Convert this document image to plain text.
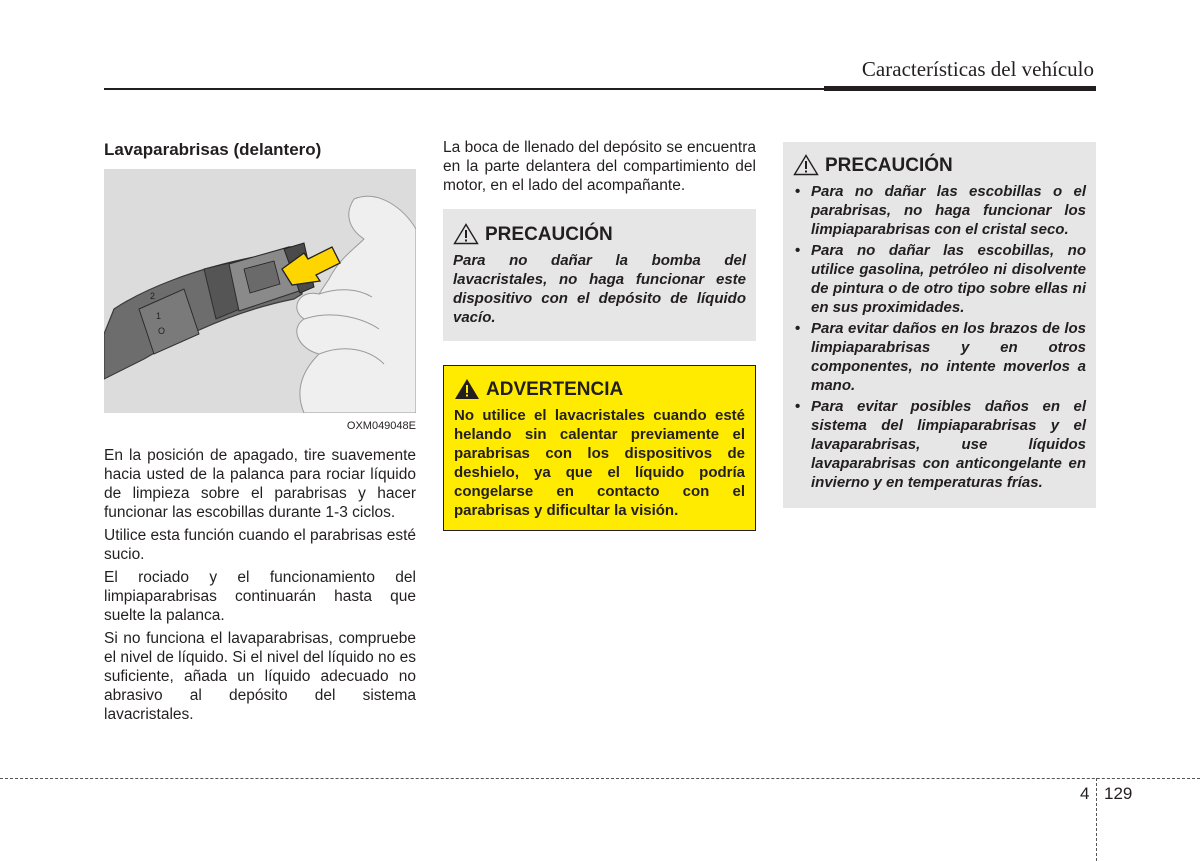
Características del vehículo
Lavaparabrisas (delantero)
2
1
O
OXM049048E

En la posición de apagado, tire suavemente hacia usted de la palanca para rociar líquido de limpieza sobre el parabrisas y hacer funcionar las escobillas durante 1-3 ciclos.

Utilice esta función cuando el parabrisas esté sucio.

El rociado y el funcionamiento del limpiaparabrisas continuarán hasta que suelte la palanca.

Si no funciona el lavaparabrisas, compruebe el nivel de líquido. Si el nivel del líquido no es suficiente, añada un líquido adecuado no abrasivo al depósito del sistema lavacristales.

La boca de llenado del depósito se encuentra en la parte delantera del compartimiento del motor, en el lado del acompañante.

PRECAUCIÓN
Para no dañar la bomba del lavacristales, no haga funcionar este dispositivo con el depósito de líquido vacío.
ADVERTENCIA
No utilice el lavacristales cuando esté helando sin calentar previamente el parabrisas con los dispositivos de deshielo, ya que el líquido podría congelarse en contacto con el parabrisas y dificultar la visión.
PRECAUCIÓN
• Para no dañar las escobillas o el parabrisas, no haga funcionar los limpiaparabrisas con el cristal seco.
• Para no dañar las escobillas, no utilice gasolina, petróleo ni disolvente de pintura o de otro tipo sobre ellas ni en sus proximidades.
• Para evitar daños en los brazos de los limpiaparabrisas y en otros componentes, no intente moverlos a mano.
• Para evitar posibles daños en el sistema del limpiaparabrisas y el lavaparabrisas, use líquidos lavaparabrisas con anticongelante en invierno y en temperaturas frías.
4 129
